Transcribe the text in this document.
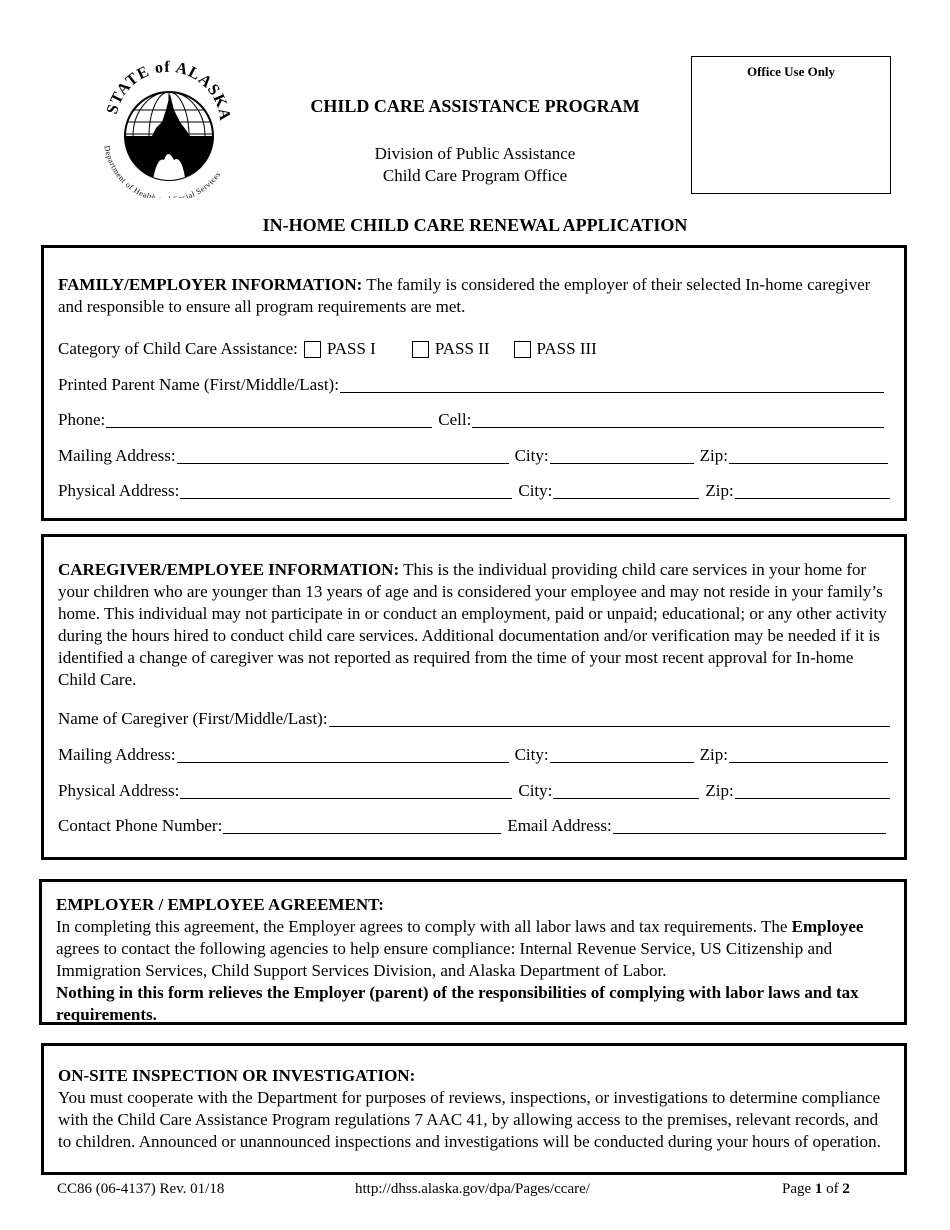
STATE of ALASKA
Department of Health cial Services
CHILD CARE ASSISTANCE PROGRAM
Division of Public Assistance
Child Care Program Office
Office Use Only
IN-HOME CHILD CARE RENEWAL APPLICATION
FAMILY/EMPLOYER INFORMATION: The family is considered the employer of their selected In-home caregiver and responsible to ensure all program requirements are met.
Category of Child Care Assistance: PASS I	PASS II	PASS III
Printed Parent Name (First/Middle/Last):
Phone:	Cell:
Mailing Address:	City:	Zip:
Physical Address:	City:	Zip:
CAREGIVER/EMPLOYEE INFORMATION: This is the individual providing child care services in your home for your children who are younger than 13 years of age and is considered your employee and may not reside in your family’s home. This individual may not participate in or conduct an employment, paid or unpaid; educational; or any other activity during the hours hired to conduct child care services. Additional documentation and/or verification may be needed if it is identified a change of caregiver was not reported as required from the time of your most recent approval for In-home Child Care.
Name of Caregiver (First/Middle/Last):
Mailing Address:	City:	Zip:
Physical Address:	City:	Zip:
Contact Phone Number:	Email Address:
EMPLOYER / EMPLOYEE AGREEMENT:
In completing this agreement, the Employer agrees to comply with all labor laws and tax requirements. The Employee agrees to contact the following agencies to help ensure compliance: Internal Revenue Service, US Citizenship and Immigration Services, Child Support Services Division, and Alaska Department of Labor.
Nothing in this form relieves the Employer (parent) of the responsibilities of complying with labor laws and tax requirements.
ON-SITE INSPECTION OR INVESTIGATION:
You must cooperate with the Department for purposes of reviews, inspections, or investigations to determine compliance with the Child Care Assistance Program regulations 7 AAC 41, by allowing access to the premises, relevant records, and to children. Announced or unannounced inspections and investigations will be conducted during your hours of operation.
CC86 (06-4137) Rev. 01/18	http://dhss.alaska.gov/dpa/Pages/ccare/	Page 1 of 2
